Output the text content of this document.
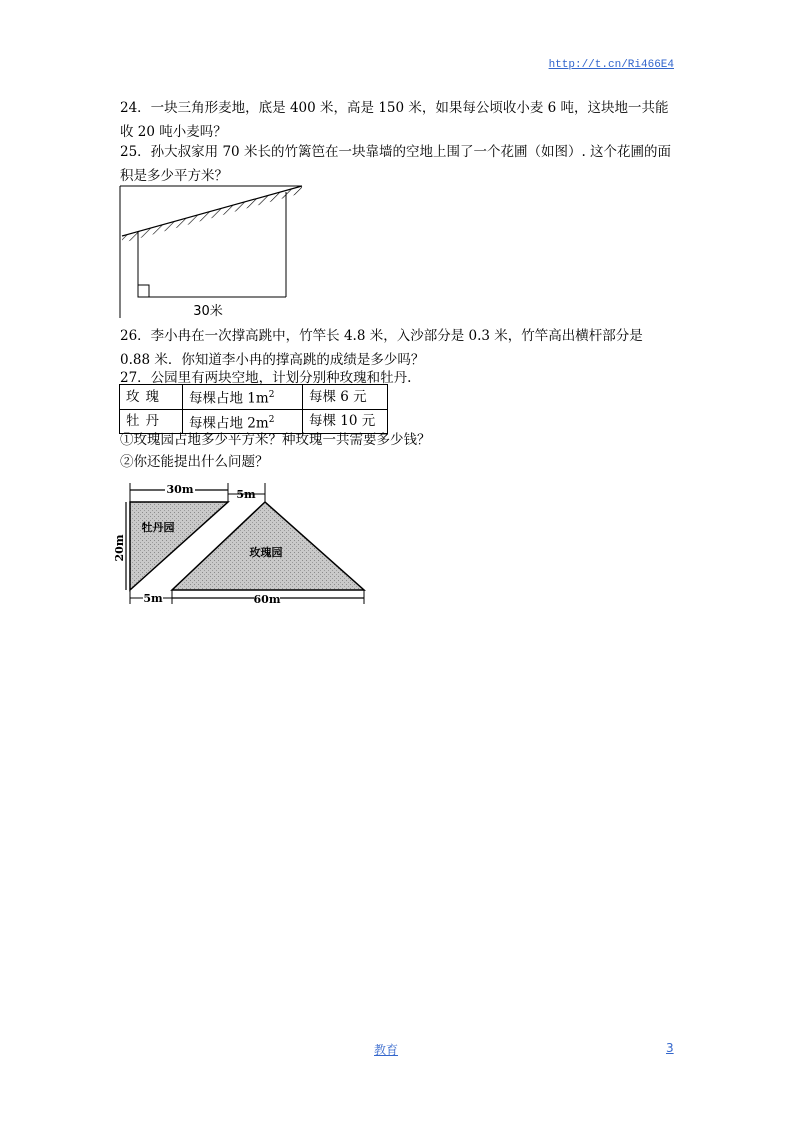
http://t.cn/Ri466E4

24．一块三角形麦地，底是 400 米，高是 150 米，如果每公顷收小麦 6 吨，这块地一共能收 20 吨小麦吗？

25．孙大叔家用 70 米长的竹篱笆在一块靠墙的空地上围了一个花圃（如图）. 这个花圃的面积是多少平方米？

30米

26．李小冉在一次撑高跳中，竹竿长 4.8 米，入沙部分是 0.3 米，竹竿高出横杆部分是 0.88 米．你知道李小冉的撑高跳的成绩是多少吗？

27．公园里有两块空地，计划分别种玫瑰和牡丹.

玫瑰	每棵占地 $1m^2$	每棵 6 元
牡丹	每棵占地 $2m^2$	每棵 10 元
①玫瑰园占地多少平方米？种玫瑰一共需要多少钱？
②你还能提出什么问题？
30m	5m
20m
5m	60m
牡丹园
玫瑰园
教育	3
